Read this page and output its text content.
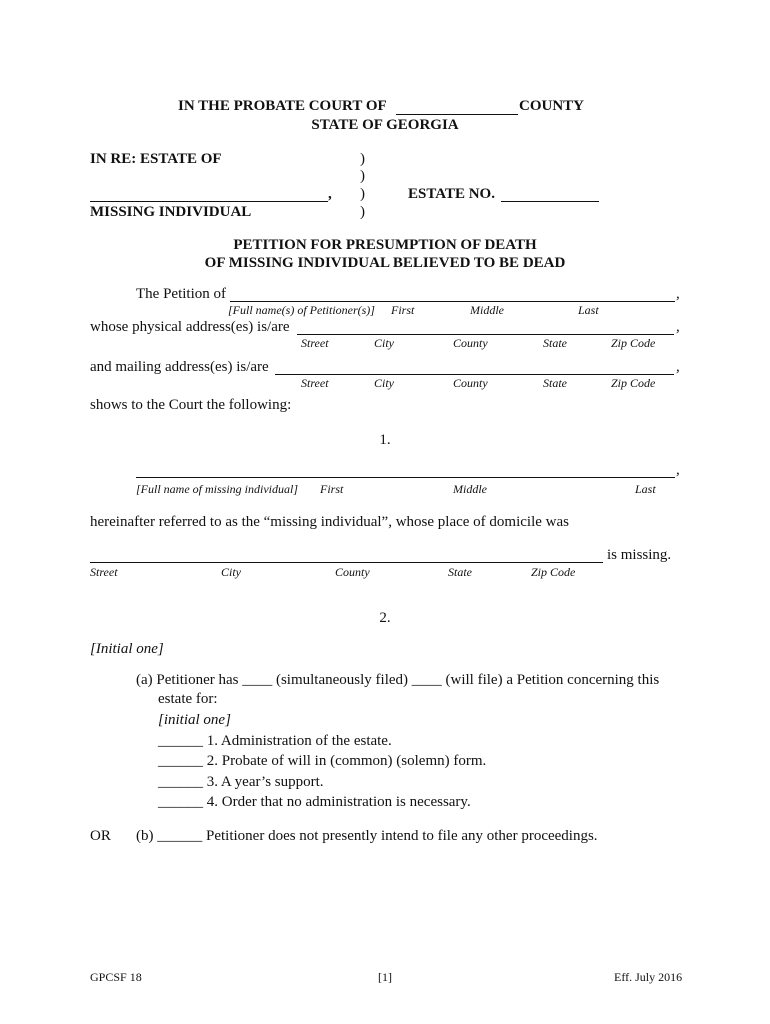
IN THE PROBATE COURT OF	COUNTY
STATE OF GEORGIA
IN RE: ESTATE OF	)
)
)
)
,
MISSING INDIVIDUAL
ESTATE NO.
PETITION FOR PRESUMPTION OF DEATH
OF MISSING INDIVIDUAL BELIEVED TO BE DEAD
The Petition of	,
[Full name(s) of Petitioner(s)] First	Middle	Last
whose physical address(es) is/are	,
Street	City	County	State	Zip Code
and mailing address(es) is/are	,
Street	City	County	State	Zip Code
shows to the Court the following:
1.
,
[Full name of missing individual] First	Middle	Last
hereinafter referred to as the “missing individual”, whose place of domicile was
is missing.
Street	City	County	State	Zip Code
2.
[Initial one]
(a) Petitioner has ____ (simultaneously filed) ____ (will file) a Petition concerning this
estate for:
[initial one]
______ 1. Administration of the estate.
______ 2. Probate of will in (common) (solemn) form.
______ 3. A year’s support.
______ 4. Order that no administration is necessary.
OR (b) ______ Petitioner does not presently intend to file any other proceedings.
GPCSF 18	[1]	Eff. July 2016
